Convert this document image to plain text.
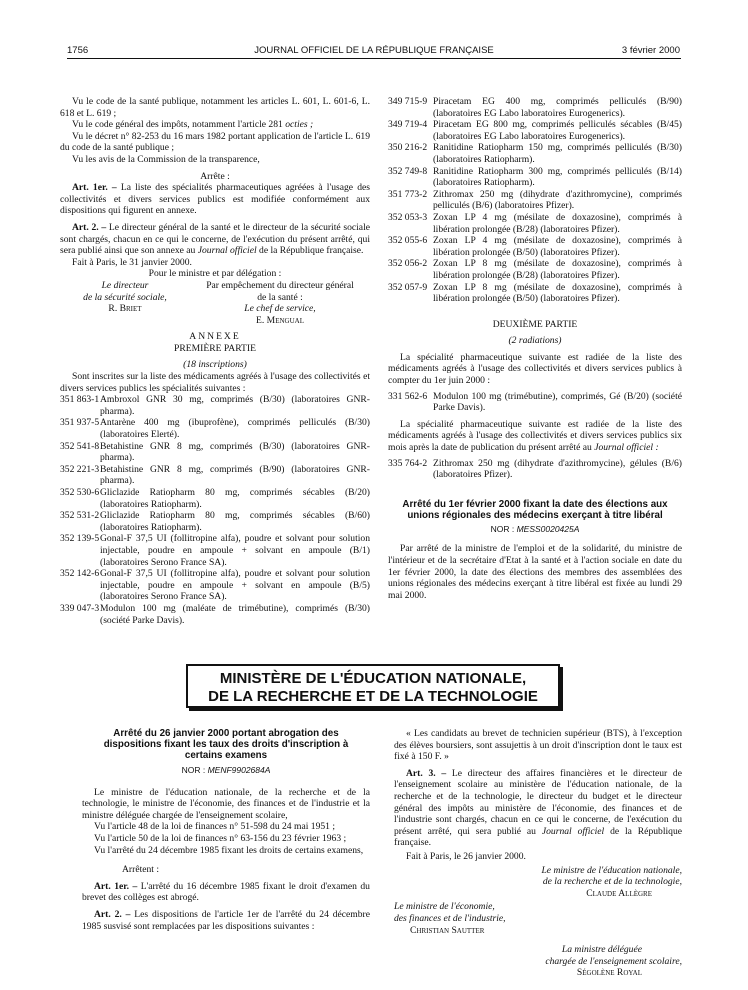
1756	JOURNAL OFFICIEL DE LA RÉPUBLIQUE FRANÇAISE	3 février 2000

Vu le code de la santé publique, notamment les articles L. 601, L. 601-6, L. 618 et L. 619 ;

Vu le code général des impôts, notamment l'article 281 octies ;

Vu le décret n° 82-253 du 16 mars 1982 portant application de l'article L. 619 du code de la santé publique ;

Vu les avis de la Commission de la transparence,

Arrête :

Art. 1er. – La liste des spécialités pharmaceutiques agréées à l'usage des collectivités et divers services publics est modifiée conformément aux dispositions qui figurent en annexe.

Art. 2. – Le directeur général de la santé et le directeur de la sécurité sociale sont chargés, chacun en ce qui le concerne, de l'exécution du présent arrêté, qui sera publié ainsi que son annexe au Journal officiel de la République française.

Fait à Paris, le 31 janvier 2000.

Pour le ministre et par délégation :

Le directeur
de la sécurité sociale,
R. Briet
Par empêchement du directeur général
de la santé :
Le chef de service,
E. Mengual

ANNEXE

PREMIÈRE PARTIE

(18 inscriptions)

Sont inscrites sur la liste des médicaments agréés à l'usage des collectivités et divers services publics les spécialités suivantes :

351 863-1 Ambroxol GNR 30 mg, comprimés (B/30) (laboratoires GNR-pharma).
351 937-5 Antarène 400 mg (ibuprofène), comprimés pelliculés (B/30) (laboratoires Elerté).
352 541-8 Betahistine GNR 8 mg, comprimés (B/30) (laboratoires GNR-pharma).
352 221-3 Betahistine GNR 8 mg, comprimés (B/90) (laboratoires GNR-pharma).
352 530-6 Gliclazide Ratiopharm 80 mg, comprimés sécables (B/20) (laboratoires Ratiopharm).
352 531-2 Gliclazide Ratiopharm 80 mg, comprimés sécables (B/60) (laboratoires Ratiopharm).
352 139-5 Gonal-F 37,5 UI (follitropine alfa), poudre et solvant pour solution injectable, poudre en ampoule + solvant en ampoule (B/1) (laboratoires Serono France SA).
352 142-6 Gonal-F 37,5 UI (follitropine alfa), poudre et solvant pour solution injectable, poudre en ampoule + solvant en ampoule (B/5) (laboratoires Serono France SA).
339 047-3 Modulon 100 mg (maléate de trimébutine), comprimés (B/30) (société Parke Davis).
349 715-9 Piracetam EG 400 mg, comprimés pelliculés (B/90) (laboratoires EG Labo laboratoires Eurogenerics).
349 719-4 Piracetam EG 800 mg, comprimés pelliculés sécables (B/45) (laboratoires EG Labo laboratoires Eurogenerics).
350 216-2 Ranitidine Ratiopharm 150 mg, comprimés pelliculés (B/30) (laboratoires Ratiopharm).
352 749-8 Ranitidine Ratiopharm 300 mg, comprimés pelliculés (B/14) (laboratoires Ratiopharm).
351 773-2 Zithromax 250 mg (dihydrate d'azithromycine), comprimés pelliculés (B/6) (laboratoires Pfizer).
352 053-3 Zoxan LP 4 mg (mésilate de doxazosine), comprimés à libération prolongée (B/28) (laboratoires Pfizer).
352 055-6 Zoxan LP 4 mg (mésilate de doxazosine), comprimés à libération prolongée (B/50) (laboratoires Pfizer).
352 056-2 Zoxan LP 8 mg (mésilate de doxazosine), comprimés à libération prolongée (B/28) (laboratoires Pfizer).
352 057-9 Zoxan LP 8 mg (mésilate de doxazosine), comprimés à libération prolongée (B/50) (laboratoires Pfizer).

DEUXIÈME PARTIE

(2 radiations)

La spécialité pharmaceutique suivante est radiée de la liste des médicaments agréés à l'usage des collectivités et divers services publics à compter du 1er juin 2000 :

331 562-6 Modulon 100 mg (trimébutine), comprimés, Gé (B/20) (société Parke Davis).

La spécialité pharmaceutique suivante est radiée de la liste des médicaments agréés à l'usage des collectivités et divers services publics six mois après la date de publication du présent arrêté au Journal officiel :

335 764-2 Zithromax 250 mg (dihydrate d'azithromycine), gélules (B/6) (laboratoires Pfizer).

Arrêté du 1er février 2000 fixant la date des élections aux unions régionales des médecins exerçant à titre libéral

NOR : MESS0020425A

Par arrêté de la ministre de l'emploi et de la solidarité, du ministre de l'intérieur et de la secrétaire d'Etat à la santé et à l'action sociale en date du 1er février 2000, la date des élections des membres des assemblées des unions régionales des médecins exerçant à titre libéral est fixée au lundi 29 mai 2000.

MINISTÈRE DE L'ÉDUCATION NATIONALE,
DE LA RECHERCHE ET DE LA TECHNOLOGIE

Arrêté du 26 janvier 2000 portant abrogation des dispositions fixant les taux des droits d'inscription à certains examens

NOR : MENF9902684A

Le ministre de l'éducation nationale, de la recherche et de la technologie, le ministre de l'économie, des finances et de l'industrie et la ministre déléguée chargée de l'enseignement scolaire,

Vu l'article 48 de la loi de finances n° 51-598 du 24 mai 1951 ;

Vu l'article 50 de la loi de finances n° 63-156 du 23 février 1963 ;

Vu l'arrêté du 24 décembre 1985 fixant les droits de certains examens,

Arrêtent :

Art. 1er. – L'arrêté du 16 décembre 1985 fixant le droit d'examen du brevet des collèges est abrogé.

Art. 2. – Les dispositions de l'article 1er de l'arrêté du 24 décembre 1985 susvisé sont remplacées par les dispositions suivantes :

« Les candidats au brevet de technicien supérieur (BTS), à l'exception des élèves boursiers, sont assujettis à un droit d'inscription dont le taux est fixé à 150 F. »

Art. 3. – Le directeur des affaires financières et le directeur de l'enseignement scolaire au ministère de l'éducation nationale, de la recherche et de la technologie, le directeur du budget et le directeur général des impôts au ministère de l'économie, des finances et de l'industrie sont chargés, chacun en ce qui le concerne, de l'exécution du présent arrêté, qui sera publié au Journal officiel de la République française.

Fait à Paris, le 26 janvier 2000.

Le ministre de l'éducation nationale,
de la recherche et de la technologie,
Claude Allègre
Le ministre de l'économie,
des finances et de l'industrie,
Christian Sautter
La ministre déléguée
chargée de l'enseignement scolaire,
Ségolène Royal
